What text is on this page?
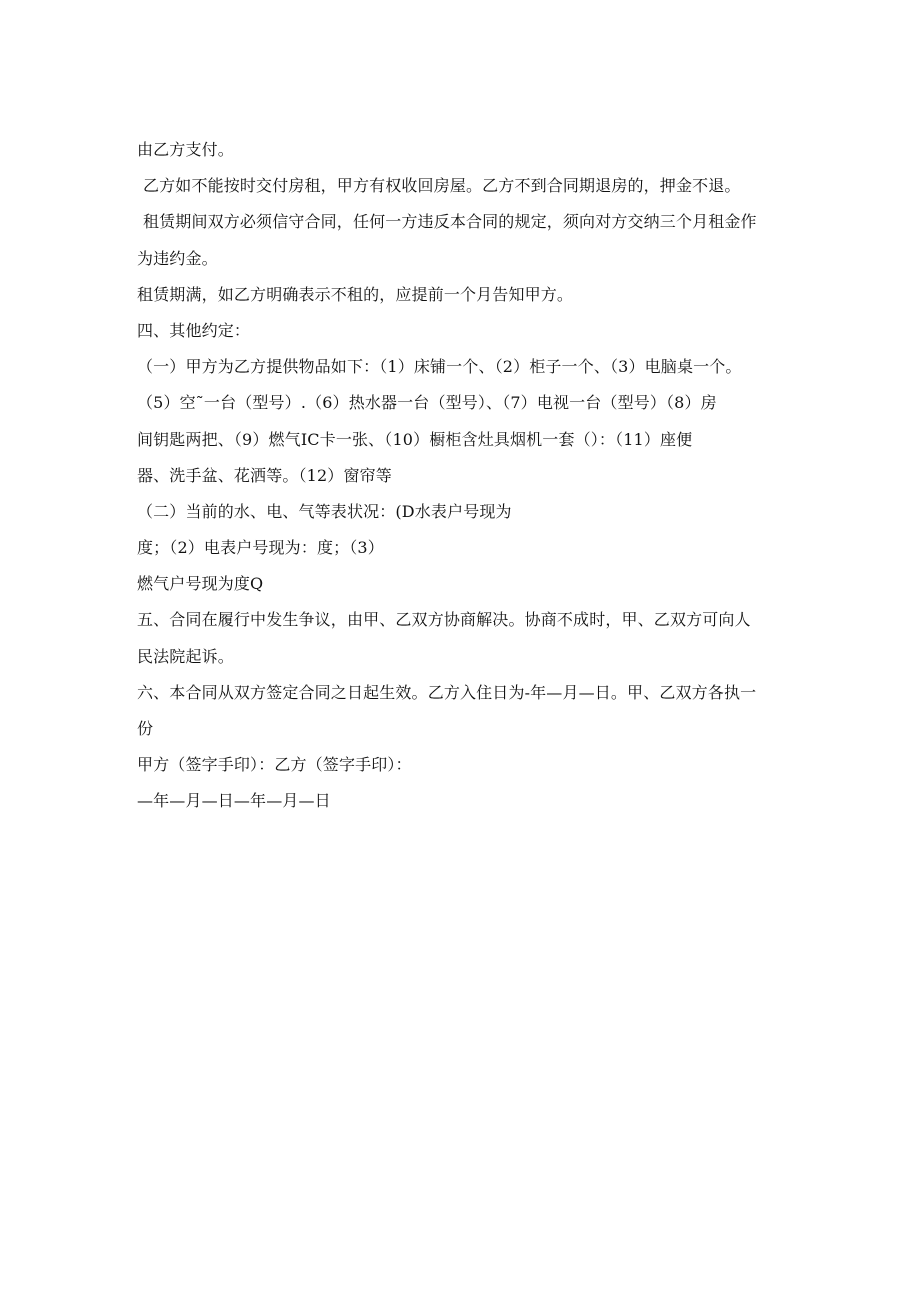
由乙方支付。

乙方如不能按时交付房租，甲方有权收回房屋。乙方不到合同期退房的，押金不退。

租赁期间双方必须信守合同，任何一方违反本合同的规定，须向对方交纳三个月租金作

为违约金。

租赁期满，如乙方明确表示不租的，应提前一个月告知甲方。

四、其他约定：

（一）甲方为乙方提供物品如下：（1）床铺一个、（2）柜子一个、（3）电脑桌一个。

（5）空˜一台（型号）.（6）热水器一台（型号）、（7）电视一台（型号）（8）房

间钥匙两把、（9）燃气IC卡一张、（10）橱柜含灶具烟机一套（）：（11）座便

器、洗手盆、花洒等。（12）窗帘等

（二）当前的水、电、气等表状况：(D水表户号现为

度；（2）电表户号现为：度；（3）

燃气户号现为度Q

五、合同在履行中发生争议，由甲、乙双方协商解决。协商不成时，甲、乙双方可向人

民法院起诉。

六、本合同从双方签定合同之日起生效。乙方入住日为-年—月—日。甲、乙双方各执一

份

甲方（签字手印）：乙方（签字手印）：

—年—月—日—年—月—日
